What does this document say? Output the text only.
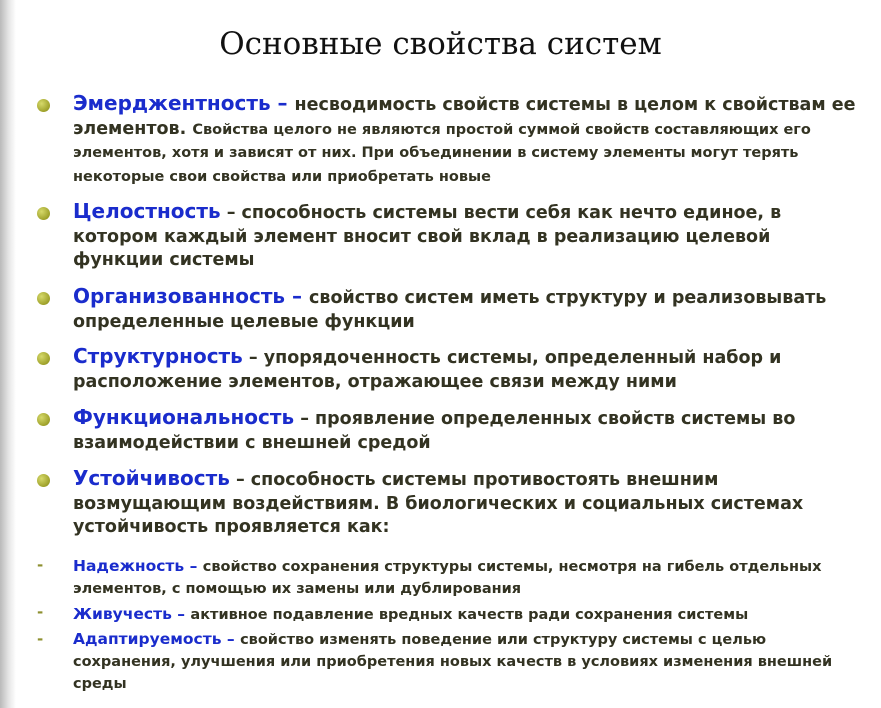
Основные свойства систем
Эмерджентность – несводимость свойств системы в целом к свойствам ее элементов. Свойства целого не являются простой суммой свойств составляющих его элементов, хотя и зависят от них. При объединении в систему элементы могут терять некоторые свои свойства или приобретать новые
Целостность – способность системы вести себя как нечто единое, в котором каждый элемент вносит свой вклад в реализацию целевой функции системы
Организованность – свойство систем иметь структуру и реализовывать определенные целевые функции
Структурность – упорядоченность системы, определенный набор и расположение элементов, отражающее связи между ними
Функциональность – проявление определенных свойств системы во взаимодействии с внешней средой
Устойчивость – способность системы противостоять внешним возмущающим воздействиям. В биологических и социальных системах устойчивость проявляется как:
- Надежность – свойство сохранения структуры системы, несмотря на гибель отдельных элементов, с помощью их замены или дублирования
- Живучесть – активное подавление вредных качеств ради сохранения системы
- Адаптируемость – свойство изменять поведение или структуру системы с целью сохранения, улучшения или приобретения новых качеств в условиях изменения внешней среды
